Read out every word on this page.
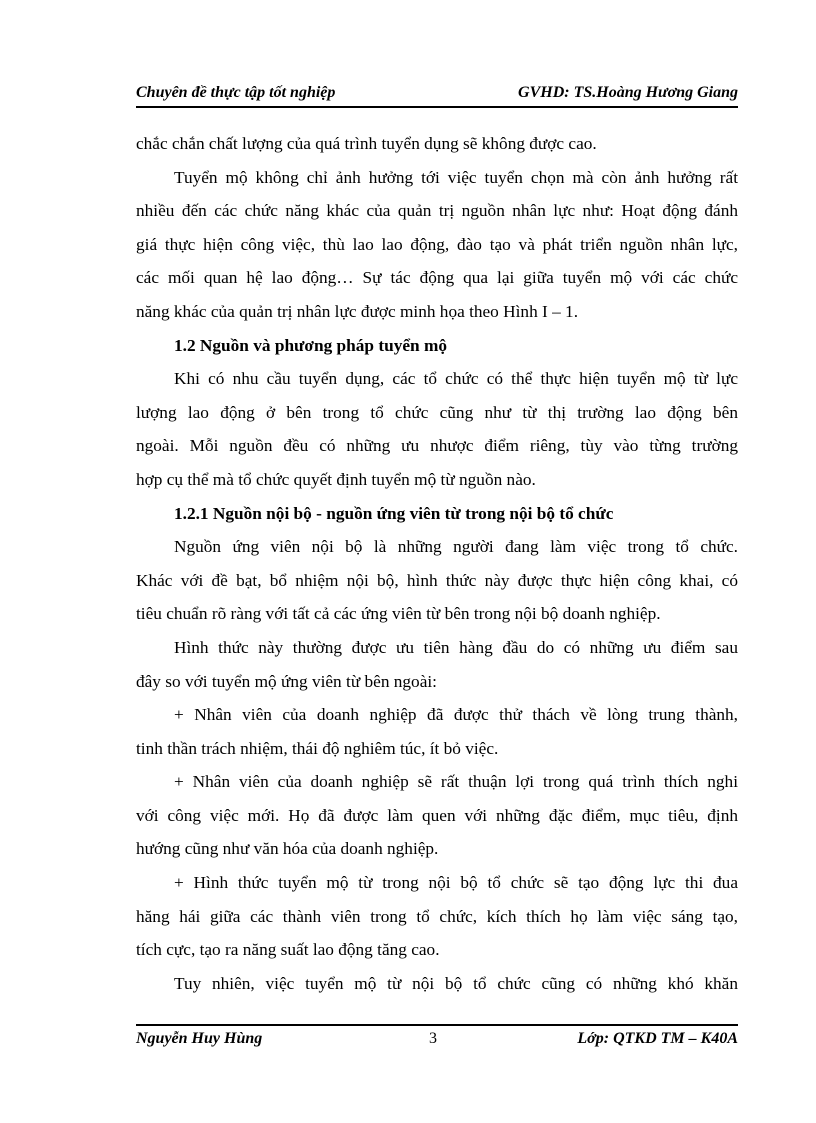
Chuyên đề thực tập tốt nghiệp	GVHD: TS.Hoàng Hương Giang
chắc chắn chất lượng của quá trình tuyển dụng sẽ không được cao.
Tuyển mộ không chỉ ảnh hưởng tới việc tuyển chọn mà còn ảnh hưởng rất
nhiều đến các chức năng khác của quản trị nguồn nhân lực như: Hoạt động đánh
giá thực hiện công việc, thù lao lao động, đào tạo và phát triển nguồn nhân lực,
các mối quan hệ lao động… Sự tác động qua lại giữa tuyển mộ với các chức
năng khác của quản trị nhân lực được minh họa theo Hình I – 1.
1.2 Nguồn và phương pháp tuyển mộ
Khi có nhu cầu tuyển dụng, các tổ chức có thể thực hiện tuyển mộ từ lực
lượng lao động ở bên trong tổ chức cũng như từ thị trường lao động bên
ngoài. Mỗi nguồn đều có những ưu nhược điểm riêng, tùy vào từng trường
hợp cụ thể mà tổ chức quyết định tuyển mộ từ nguồn nào.
1.2.1 Nguồn nội bộ - nguồn ứng viên từ trong nội bộ tổ chức
Nguồn ứng viên nội bộ là những người đang làm việc trong tổ chức.
Khác với đề bạt, bổ nhiệm nội bộ, hình thức này được thực hiện công khai, có
tiêu chuẩn rõ ràng với tất cả các ứng viên từ bên trong nội bộ doanh nghiệp.
Hình thức này thường được ưu tiên hàng đầu do có những ưu điểm sau
đây so với tuyển mộ ứng viên từ bên ngoài:
+ Nhân viên của doanh nghiệp đã được thử thách về lòng trung thành,
tinh thần trách nhiệm, thái độ nghiêm túc, ít bỏ việc.
+ Nhân viên của doanh nghiệp sẽ rất thuận lợi trong quá trình thích nghi
với công việc mới. Họ đã được làm quen với những đặc điểm, mục tiêu, định
hướng cũng như văn hóa của doanh nghiệp.
+ Hình thức tuyển mộ từ trong nội bộ tổ chức sẽ tạo động lực thi đua
hăng hái giữa các thành viên trong tổ chức, kích thích họ làm việc sáng tạo,
tích cực, tạo ra năng suất lao động tăng cao.
Tuy nhiên, việc tuyển mộ từ nội bộ tổ chức cũng có những khó khăn
Nguyễn Huy Hùng	3	Lớp: QTKD TM – K40A
